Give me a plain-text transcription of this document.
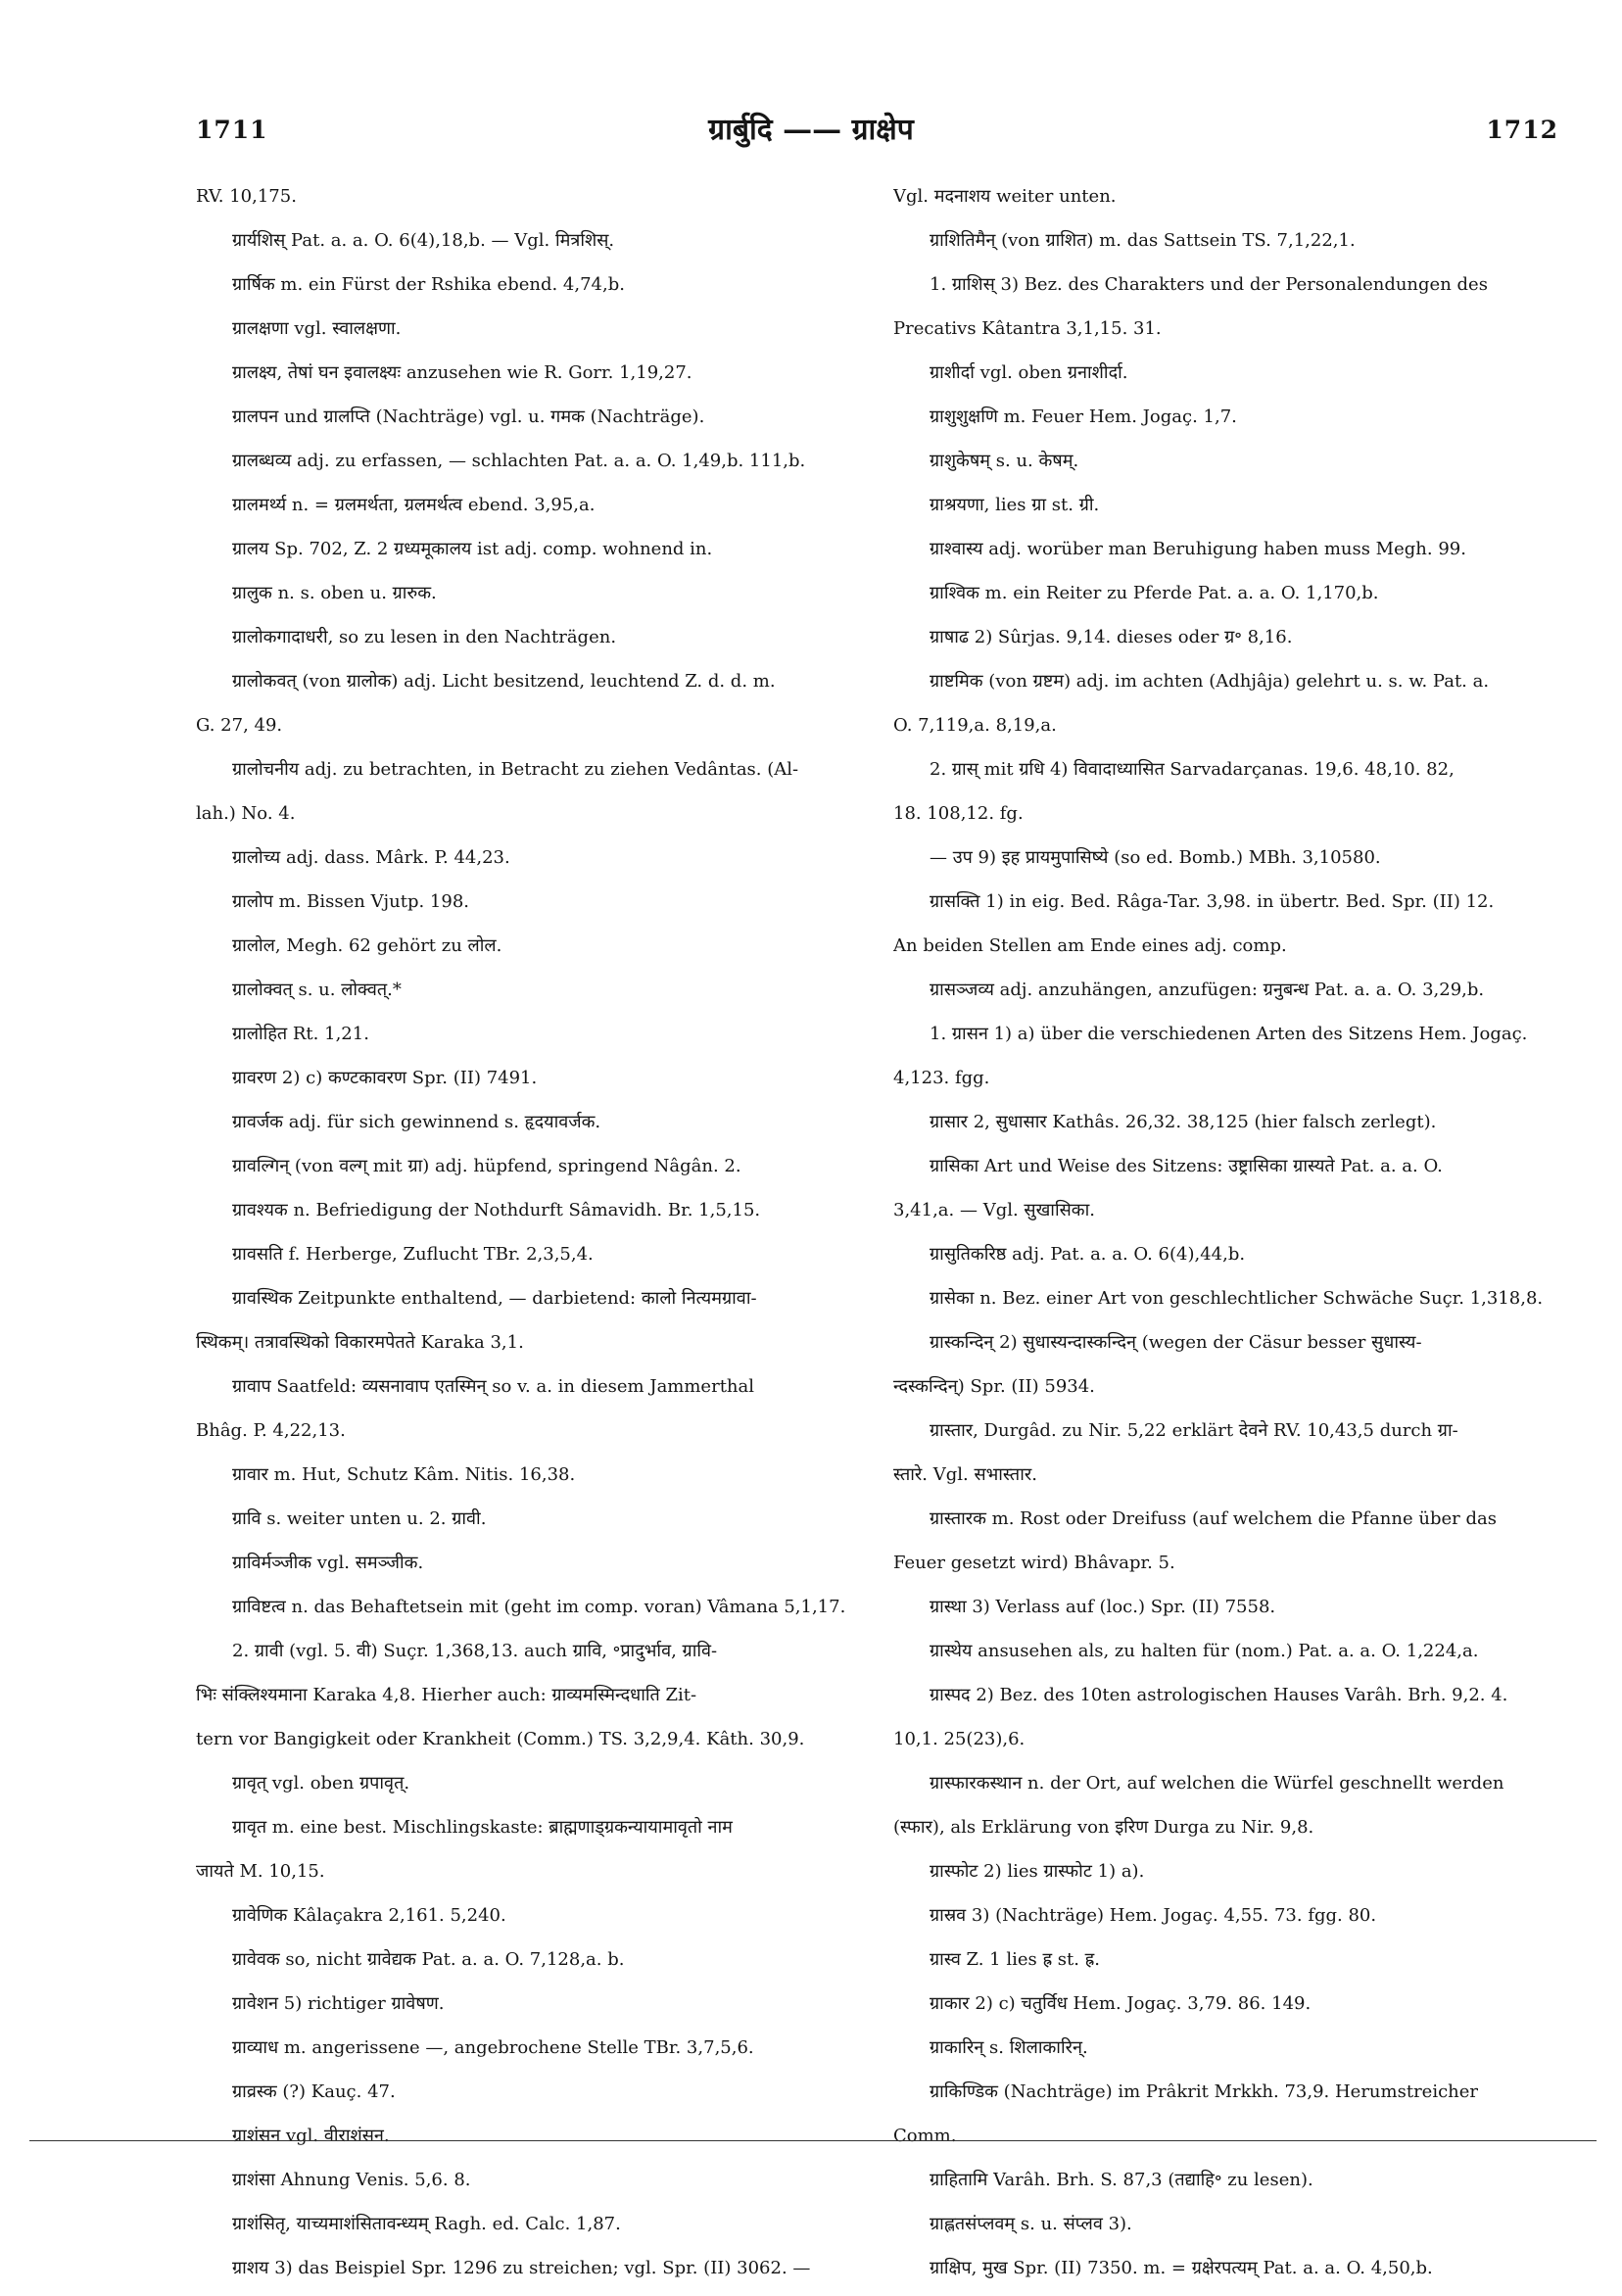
1711	ग्रार्बुदि —— ग्राक्षेप	1712
RV. 10,175.
ग्रार्यशिस् Pat. a. a. O. 6(4),18,b. — Vgl. मित्रशिस्.
ग्रार्षिक m. ein Fürst der Rshika ebend. 4,74,b.
ग्रालक्षणा vgl. स्वालक्षणा.
ग्रालक्ष्य, तेषां घन इवालक्ष्यः anzusehen wie R. Gorr. 1,19,27.
ग्रालपन und ग्रालप्ति (Nachträge) vgl. u. गमक (Nachträge).
ग्रालब्धव्य adj. zu erfassen, — schlachten Pat. a. a. O. 1,49,b. 111,b.
ग्रालमर्थ्य n. = ग्रलमर्थता, ग्रलमर्थत्व ebend. 3,95,a.
ग्रालय Sp. 702, Z. 2 ग्रध्यमूकालय ist adj. comp. wohnend in.
ग्रालुक n. s. oben u. ग्रारुक.
ग्रालोकगादाधरी, so zu lesen in den Nachträgen.
ग्रालोकवत् (von ग्रालोक) adj. Licht besitzend, leuchtend Z. d. d. m.
G. 27, 49.
ग्रालोचनीय adj. zu betrachten, in Betracht zu ziehen Vedântas. (Al-
lah.) No. 4.
ग्रालोच्य adj. dass. Mârk. P. 44,23.
ग्रालोप m. Bissen Vjutp. 198.
ग्रालोल, Megh. 62 gehört zu लोल.
ग्रालोक्वत् s. u. लोक्वत्.*
ग्रालोहित Rt. 1,21.
ग्रावरण 2) c) कण्टकावरण Spr. (II) 7491.
ग्रावर्जक adj. für sich gewinnend s. हृदयावर्जक.
ग्रावल्गिन् (von वल्ग् mit ग्रा) adj. hüpfend, springend Nâgân. 2.
ग्रावश्यक n. Befriedigung der Nothdurft Sâmavidh. Br. 1,5,15.
ग्रावसति f. Herberge, Zuflucht TBr. 2,3,5,4.
ग्रावस्थिक Zeitpunkte enthaltend, — darbietend: कालो नित्यमग्रावा-
स्थिकम्। तत्रावस्थिको विकारमपेतते Karaka 3,1.
ग्रावाप Saatfeld: व्यसनावाप एतस्मिन् so v. a. in diesem Jammerthal
Bhâg. P. 4,22,13.
ग्रावार m. Hut, Schutz Kâm. Nitis. 16,38.
ग्रावि s. weiter unten u. 2. ग्रावी.
ग्राविर्मञ्जीक vgl. समञ्जीक.
ग्राविष्टत्व n. das Behaftetsein mit (geht im comp. voran) Vâmana 5,1,17.
2. ग्रावी (vgl. 5. वी) Suçr. 1,368,13. auch ग्रावि, ॰प्रादुर्भाव, ग्रावि-
भिः संक्लिश्यमाना Karaka 4,8. Hierher auch: ग्राव्यमस्मिन्दधाति Zit-
tern vor Bangigkeit oder Krankheit (Comm.) TS. 3,2,9,4. Kâth. 30,9.
ग्रावृत् vgl. oben ग्रपावृत्.
ग्रावृत m. eine best. Mischlingskaste: ब्राह्मणाड्ग्रकन्यायामावृतो नाम
जायते M. 10,15.
ग्रावेणिक Kâlaçakra 2,161. 5,240.
ग्रावेवक so, nicht ग्रावेद्यक Pat. a. a. O. 7,128,a. b.
ग्रावेशन 5) richtiger ग्रावेषण.
ग्राव्याध m. angerissene —, angebrochene Stelle TBr. 3,7,5,6.
ग्राव्रस्क (?) Kauç. 47.
ग्राशंसन vgl. वीराशंसन.
ग्राशंसा Ahnung Venis. 5,6. 8.
ग्राशंसितृ, याच्यमाशंसितावन्ध्यम् Ragh. ed. Calc. 1,87.
ग्राशय 3) das Beispiel Spr. 1296 zu streichen; vgl. Spr. (II) 3062. —
Vgl. मदनाशय weiter unten.
ग्राशितिमैन् (von ग्राशित) m. das Sattsein TS. 7,1,22,1.
1. ग्राशिस् 3) Bez. des Charakters und der Personalendungen des
Precativs Kâtantra 3,1,15. 31.
ग्राशीर्दा vgl. oben ग्रनाशीर्दा.
ग्राशुशुक्षणि m. Feuer Hem. Jogaç. 1,7.
ग्राशुकेषम् s. u. केषम्.
ग्राश्रयणा, lies ग्रा st. ग्री.
ग्राश्वास्य adj. worüber man Beruhigung haben muss Megh. 99.
ग्राश्विक m. ein Reiter zu Pferde Pat. a. a. O. 1,170,b.
ग्राषाढ 2) Sûrjas. 9,14. dieses oder ग्र॰ 8,16.
ग्राष्टमिक (von ग्रष्टम) adj. im achten (Adhjâja) gelehrt u. s. w. Pat. a.
O. 7,119,a. 8,19,a.
2. ग्रास् mit ग्रधि 4) विवादाध्यासित Sarvadarçanas. 19,6. 48,10. 82,
18. 108,12. fg.
— उप 9) इह प्रायमुपासिष्ये (so ed. Bomb.) MBh. 3,10580.
ग्रासक्ति 1) in eig. Bed. Râga-Tar. 3,98. in übertr. Bed. Spr. (II) 12.
An beiden Stellen am Ende eines adj. comp.
ग्रासञ्जव्य adj. anzuhängen, anzufügen: ग्रनुबन्ध Pat. a. a. O. 3,29,b.
1. ग्रासन 1) a) über die verschiedenen Arten des Sitzens Hem. Jogaç.
4,123. fgg.
ग्रासार 2, सुधासार Kathâs. 26,32. 38,125 (hier falsch zerlegt).
ग्रासिका Art und Weise des Sitzens: उष्ट्रासिका ग्रास्यते Pat. a. a. O.
3,41,a. — Vgl. सुखासिका.
ग्रासुतिकरिष्ठ adj. Pat. a. a. O. 6(4),44,b.
ग्रासेका n. Bez. einer Art von geschlechtlicher Schwäche Suçr. 1,318,8.
ग्रास्कन्दिन् 2) सुधास्यन्दास्कन्दिन् (wegen der Cäsur besser सुधास्य-
न्दस्कन्दिन्) Spr. (II) 5934.
ग्रास्तार, Durgâd. zu Nir. 5,22 erklärt देवने RV. 10,43,5 durch ग्रा-
स्तारे. Vgl. सभास्तार.
ग्रास्तारक m. Rost oder Dreifuss (auf welchem die Pfanne über das
Feuer gesetzt wird) Bhâvapr. 5.
ग्रास्था 3) Verlass auf (loc.) Spr. (II) 7558.
ग्रास्थेय ansusehen als, zu halten für (nom.) Pat. a. a. O. 1,224,a.
ग्रास्पद 2) Bez. des 10ten astrologischen Hauses Varâh. Brh. 9,2. 4.
10,1. 25(23),6.
ग्रास्फारकस्थान n. der Ort, auf welchen die Würfel geschnellt werden
(स्फार), als Erklärung von इरिण Durga zu Nir. 9,8.
ग्रास्फोट 2) lies ग्रास्फोट 1) a).
ग्रास्रव 3) (Nachträge) Hem. Jogaç. 4,55. 73. fgg. 80.
ग्रास्व Z. 1 lies ह्र st. ह्र.
ग्राकार 2) c) चतुर्विध Hem. Jogaç. 3,79. 86. 149.
ग्राकारिन् s. शिलाकारिन्.
ग्राकिण्डिक (Nachträge) im Prâkrit Mrkkh. 73,9. Herumstreicher
Comm.
ग्राहितामि Varâh. Brh. S. 87,3 (तद्याहि॰ zu lesen).
ग्राह्लतसंप्लवम् s. u. संप्लव 3).
ग्राक्षिप, मुख Spr. (II) 7350. m. = ग्रक्षेरपत्यम् Pat. a. a. O. 4,50,b.
